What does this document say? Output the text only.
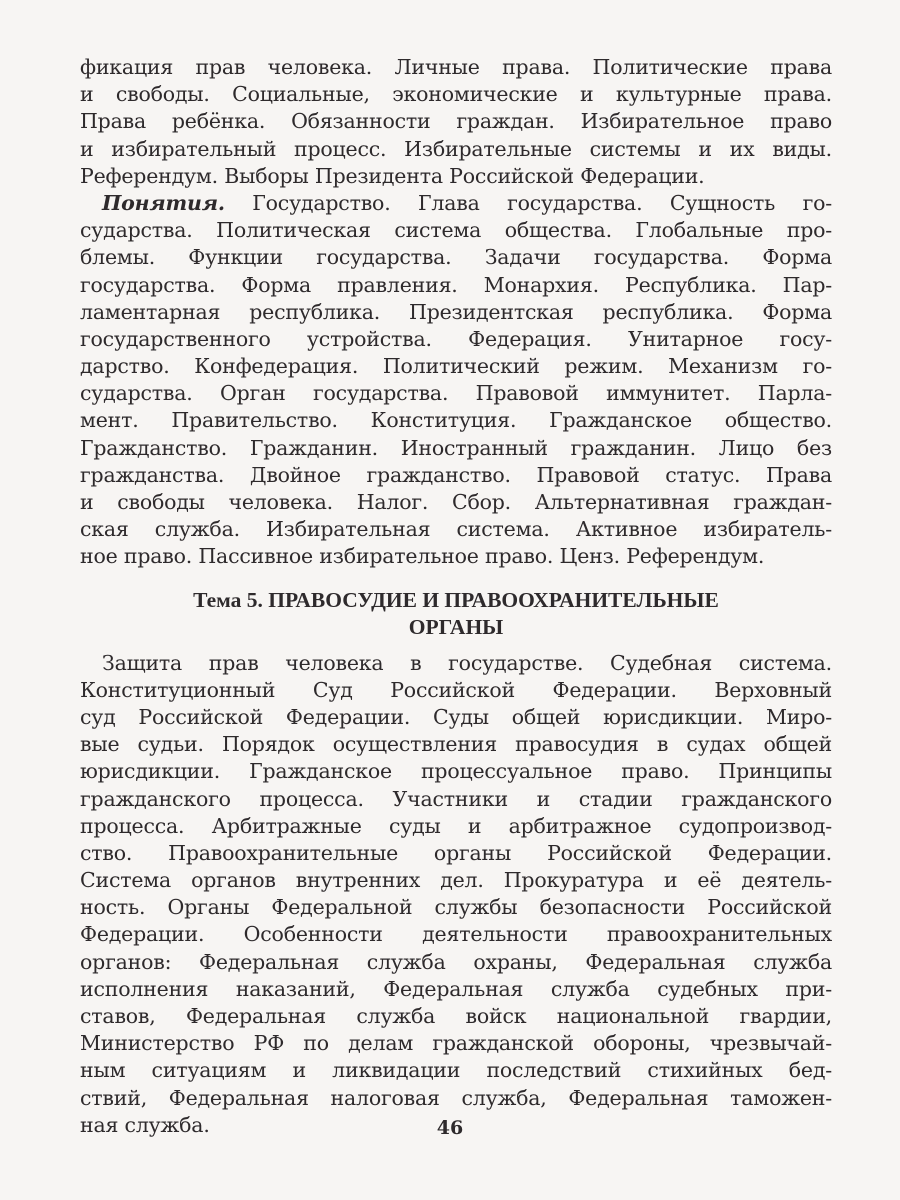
фикация прав человека. Личные права. Политические права
и свободы. Социальные, экономические и культурные права.
Права ребёнка. Обязанности граждан. Избирательное право
и избирательный процесс. Избирательные системы и их виды.
Референдум. Выборы Президента Российской Федерации.
Понятия. Государство. Глава государства. Сущность го-
сударства. Политическая система общества. Глобальные про-
блемы. Функции государства. Задачи государства. Форма
государства. Форма правления. Монархия. Республика. Пар-
ламентарная республика. Президентская республика. Форма
государственного устройства. Федерация. Унитарное госу-
дарство. Конфедерация. Политический режим. Механизм го-
сударства. Орган государства. Правовой иммунитет. Парла-
мент. Правительство. Конституция. Гражданское общество.
Гражданство. Гражданин. Иностранный гражданин. Лицо без
гражданства. Двойное гражданство. Правовой статус. Права
и свободы человека. Налог. Сбор. Альтернативная граждан-
ская служба. Избирательная система. Активное избиратель-
ное право. Пассивное избирательное право. Ценз. Референдум.
Тема 5. ПРАВОСУДИЕ И ПРАВООХРАНИТЕЛЬНЫЕ
ОРГАНЫ
Защита прав человека в государстве. Судебная система.
Конституционный Суд Российской Федерации. Верховный
суд Российской Федерации. Суды общей юрисдикции. Миро-
вые судьи. Порядок осуществления правосудия в судах общей
юрисдикции. Гражданское процессуальное право. Принципы
гражданского процесса. Участники и стадии гражданского
процесса. Арбитражные суды и арбитражное судопроизвод-
ство. Правоохранительные органы Российской Федерации.
Система органов внутренних дел. Прокуратура и её деятель-
ность. Органы Федеральной службы безопасности Российской
Федерации. Особенности деятельности правоохранительных
органов: Федеральная служба охраны, Федеральная служба
исполнения наказаний, Федеральная служба судебных при-
ставов, Федеральная служба войск национальной гвардии,
Министерство РФ по делам гражданской обороны, чрезвычай-
ным ситуациям и ликвидации последствий стихийных бед-
ствий, Федеральная налоговая служба, Федеральная таможен-
ная служба.	46
